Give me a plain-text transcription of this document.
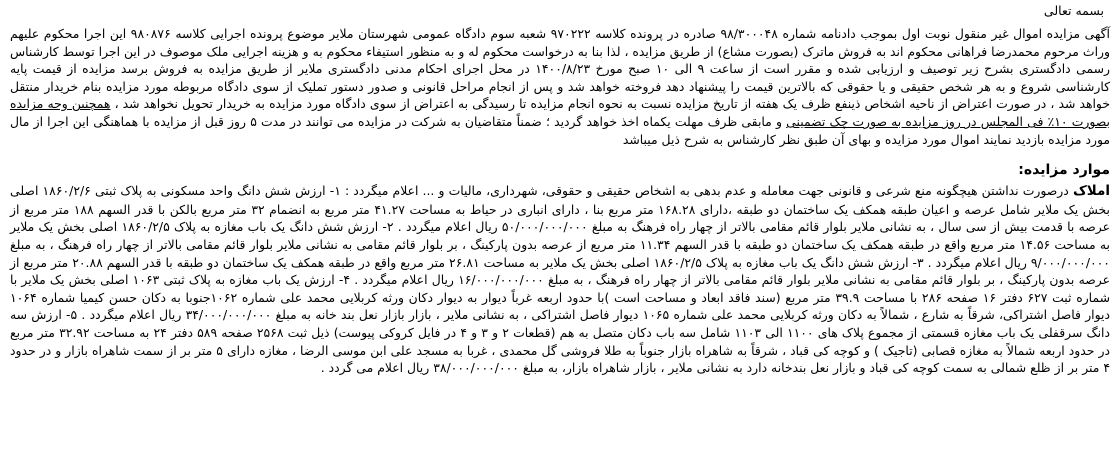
بسمه تعالی

آگهی مزایده اموال غیر منقول نوبت اول بموجب دادنامه شماره ۹۸/۳۰۰۰۴۸ صادره در پرونده کلاسه ۹۷۰۲۲۲ شعبه سوم دادگاه عمومی شهرستان ملایر موضوع پرونده اجرایی کلاسه ۹۸۰۸۷۶ این اجرا محکوم علیهم وراث مرحوم محمدرضا فراهانی محکوم اند به فروش ماترک (بصورت مشاع) از طریق مزایده ، لذا بنا به درخواست محکوم له و به منظور استیفاء محکوم به و هزینه اجرایی ملک موصوف در این اجرا توسط کارشناس رسمی دادگستری بشرح زیر توصیف و ارزیابی شده و مقرر است از ساعت ۹ الی ۱۰ صبح مورخ ۱۴۰۰/۸/۲۳ در محل اجرای احکام مدنی دادگستری ملایر از طریق مزایده به فروش برسد مزایده از قیمت پایه کارشناسی شروع و به هر شخص حقیقی و یا حقوقی که بالاترین قیمت را پیشنهاد دهد فروخته خواهد شد و پس از انجام مراحل قانونی و صدور دستور تملیک از سوی دادگاه مربوطه مورد مزایده بنام خریدار منتقل خواهد شد ، در صورت اعتراض از ناحیه اشخاص ذینفع ظرف یک هفته از تاریخ مزایده نسبت به نحوه انجام مزایده تا رسیدگی به اعتراض از سوی دادگاه مورد مزایده به خریدار تحویل نخواهد شد ، همچنین وجه مزایده بصورت ۱۰٪ فی المجلس در روز مزایده به صورت چک تضمینی و مابقی ظرف مهلت یکماه اخذ خواهد گردید ؛ ضمناً متقاضیان به شرکت در مزایده می توانند در مدت ۵ روز قبل از مزایده با هماهنگی این اجرا از مال مورد مزایده بازدید نمایند اموال مورد مزایده و بهای آن طبق نظر کارشناس به شرح ذیل میباشد

موارد مزایده:

املاک درصورت نداشتن هیچگونه منع شرعی و قانونی جهت معامله و عدم بدهی به اشخاص حقیقی و حقوقی، شهرداری، مالیات و ... اعلام میگردد : ۱- ارزش شش دانگ واحد مسکونی به پلاک ثبتی ۱۸۶۰/۲/۶ اصلی بخش یک ملایر شامل عرصه و اعیان طبقه همکف یک ساختمان دو طبقه ،دارای ۱۶۸.۲۸ متر مربع بنا ، دارای انباری در حیاط به مساحت ۴۱.۲۷ متر مربع به انضمام ۳۲ متر مربع بالکن با قدر السهم ۱۸۸ متر مربع از عرصه با قدمت بیش از سی سال ، به نشانی ملایر بلوار قائم مقامی بالاتر از چهار راه فرهنگ به مبلغ ۵۰/۰۰۰/۰۰۰/۰۰۰ ریال اعلام میگردد . ۲- ارزش شش دانگ یک باب مغازه به پلاک ۱۸۶۰/۲/۵ اصلی بخش یک ملایر به مساحت ۱۴.۵۶ متر مربع واقع در طبقه همکف یک ساختمان دو طبقه با قدر السهم ۱۱.۳۴ متر مربع از عرصه بدون پارکینگ ، بر بلوار قائم مقامی به نشانی ملایر بلوار قائم مقامی بالاتر از چهار راه فرهنگ ، به مبلغ ۹/۰۰۰/۰۰۰/۰۰۰ ریال اعلام میگردد . ۳- ارزش شش دانگ یک باب مغازه به پلاک ۱۸۶۰/۲/۵ اصلی بخش یک ملایر به مساحت ۲۶.۸۱ متر مربع واقع در طبقه همکف یک ساختمان دو طبقه با قدر السهم ۲۰.۸۸ متر مربع از عرصه بدون پارکینگ ، بر بلوار قائم مقامی به نشانی ملایر بلوار قائم مقامی بالاتر از چهار راه فرهنگ ، به مبلغ ۱۶/۰۰۰/۰۰۰/۰۰۰ ریال اعلام میگردد . ۴- ارزش یک باب مغازه به پلاک ثبتی ۱۰۶۳ اصلی بخش یک ملایر با شماره ثبت ۶۲۷ دفتر ۱۶ صفحه ۲۸۶ با مساحت ۳۹.۹ متر مربع (سند فاقد ابعاد و مساحت است )با حدود اربعه غرباً دیوار به دیوار دکان ورثه کربلایی محمد علی شماره ۱۰۶۲جنوبا به دکان حسن کیمیا شماره ۱۰۶۴ دیوار فاصل اشتراکی، شرقاً به شارع ، شمالاً به دکان ورثه کربلایی محمد علی شماره ۱۰۶۵ دیوار فاصل اشتراکی ، به نشانی ملایر ، بازار بازار نعل بند خانه به مبلغ ۳۴/۰۰۰/۰۰۰/۰۰۰ ریال اعلام میگردد . ۵- ارزش سه دانگ سرقفلی یک باب مغازه قسمتی از مجموع پلاک های ۱۱۰۰ الی ۱۱۰۳ شامل سه باب دکان متصل به هم (قطعات ۲ و ۳ و ۴ در فایل کروکی پیوست) ذیل ثبت ۲۵۶۸ صفحه ۵۸۹ دفتر ۲۴ به مساحت ۳۲.۹۲ متر مربع در حدود اربعه شمالاً به مغازه قصابی (تاجیک ) و کوچه کی قباد ، شرقاً به شاهراه بازار جنوباً به طلا فروشی گل محمدی ، غربا به مسجد علی ابن موسی الرضا ، مغازه دارای ۵ متر بر از سمت شاهراه بازار و در حدود ۴ متر بر از ظلع شمالی به سمت کوچه کی قباد و بازار نعل بندخانه دارد به نشانی ملایر ، بازار شاهراه بازار، به مبلغ ۳۸/۰۰۰/۰۰۰/۰۰۰ ریال اعلام می گردد .
